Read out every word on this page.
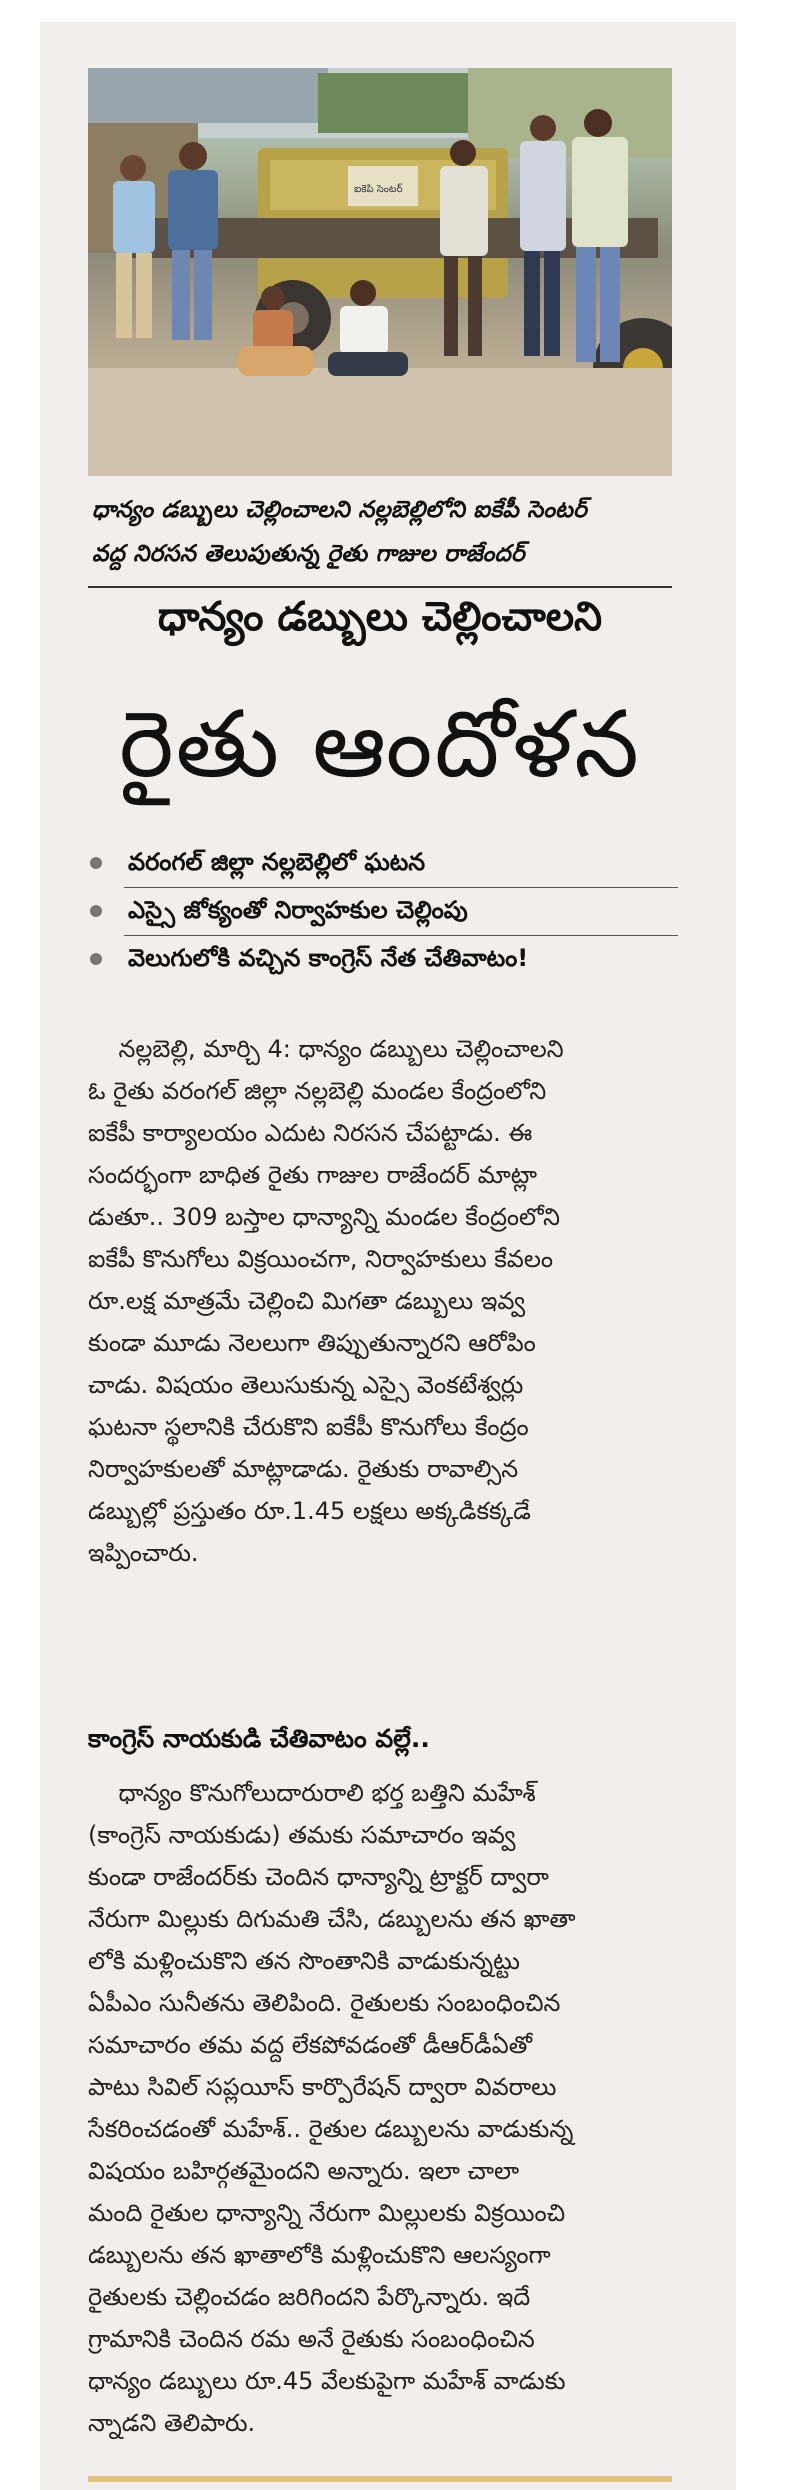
ఐకెపి సెంటర్
ధాన్యం డబ్బులు చెల్లించాలని నల్లబెల్లిలోని ఐకేపీ సెంటర్
వద్ద నిరసన తెలుపుతున్న రైతు గాజుల రాజేందర్
ధాన్యం డబ్బులు చెల్లించాలని
రైతు ఆందోళన
వరంగల్ జిల్లా నల్లబెల్లిలో ఘటన
ఎస్సై జోక్యంతో నిర్వాహకుల చెల్లింపు
వెలుగులోకి వచ్చిన కాంగ్రెస్ నేత చేతివాటం!
నల్లబెల్లి, మార్చి 4: ధాన్యం డబ్బులు చెల్లించాలని
ఓ రైతు వరంగల్ జిల్లా నల్లబెల్లి మండల కేంద్రంలోని
ఐకేపీ కార్యాలయం ఎదుట నిరసన చేపట్టాడు. ఈ
సందర్భంగా బాధిత రైతు గాజుల రాజేందర్ మాట్లా
డుతూ.. 309 బస్తాల ధాన్యాన్ని మండల కేంద్రంలోని
ఐకేపీ కొనుగోలు విక్రయించగా, నిర్వాహకులు కేవలం
రూ.లక్ష మాత్రమే చెల్లించి మిగతా డబ్బులు ఇవ్వ
కుండా మూడు నెలలుగా తిప్పుతున్నారని ఆరోపిం
చాడు. విషయం తెలుసుకున్న ఎస్సై వెంకటేశ్వర్లు
ఘటనా స్థలానికి చేరుకొని ఐకేపీ కొనుగోలు కేంద్రం
నిర్వాహకులతో మాట్లాడాడు. రైతుకు రావాల్సిన
డబ్బుల్లో ప్రస్తుతం రూ.1.45 లక్షలు అక్కడికక్కడే
ఇప్పించారు.
కాంగ్రెస్ నాయకుడి చేతివాటం వల్లే..
ధాన్యం కొనుగోలుదారురాలి భర్త బత్తిని మహేశ్
(కాంగ్రెస్ నాయకుడు) తమకు సమాచారం ఇవ్వ
కుండా రాజేందర్‌కు చెందిన ధాన్యాన్ని ట్రాక్టర్ ద్వారా
నేరుగా మిల్లుకు దిగుమతి చేసి, డబ్బులను తన ఖాతా
లోకి మళ్లించుకొని తన సొంతానికి వాడుకున్నట్టు
ఏపీఎం సునీతను తెలిపింది. రైతులకు సంబంధించిన
సమాచారం తమ వద్ద లేకపోవడంతో డీఆర్‌డీఏతో
పాటు సివిల్ సప్లయీస్ కార్పొరేషన్ ద్వారా వివరాలు
సేకరించడంతో మహేశ్.. రైతుల డబ్బులను వాడుకున్న
విషయం బహిర్గతమైందని అన్నారు. ఇలా చాలా
మంది రైతుల ధాన్యాన్ని నేరుగా మిల్లులకు విక్రయించి
డబ్బులను తన ఖాతాలోకి మళ్లించుకొని ఆలస్యంగా
రైతులకు చెల్లించడం జరిగిందని పేర్కొన్నారు. ఇదే
గ్రామానికి చెందిన రమ అనే రైతుకు సంబంధించిన
ధాన్యం డబ్బులు రూ.45 వేలకుపైగా మహేశ్ వాడుకు
న్నాడని తెలిపారు.
